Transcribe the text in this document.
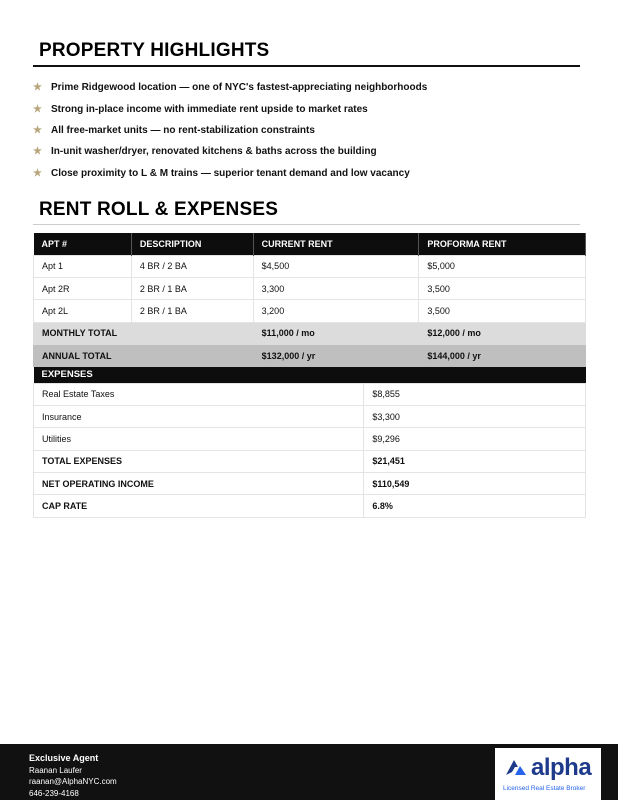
PROPERTY HIGHLIGHTS
★ Prime Ridgewood location — one of NYC's fastest-appreciating neighborhoods
★ Strong in-place income with immediate rent upside to market rates
★ All free-market units — no rent-stabilization constraints
★ In-unit washer/dryer, renovated kitchens & baths across the building
★ Close proximity to L & M trains — superior tenant demand and low vacancy
RENT ROLL & EXPENSES
APT #	DESCRIPTION	CURRENT RENT	PROFORMA RENT
Apt 1	4 BR / 2 BA	$4,500	$5,000
Apt 2R	2 BR / 1 BA	3,300	3,500
Apt 2L	2 BR / 1 BA	3,200	3,500
MONTHLY TOTAL		$11,000 / mo	$12,000 / mo
ANNUAL TOTAL		$132,000 / yr	$144,000 / yr
EXPENSES	
Real Estate Taxes	$8,855
Insurance	$3,300
Utilities	$9,296
TOTAL EXPENSES	$21,451
NET OPERATING INCOME	$110,549
CAP RATE	6.8%
Exclusive Agent
Raanan Laufer
raanan@AlphaNYC.com
646-239-4168
alpha
Licensed Real Estate Broker
